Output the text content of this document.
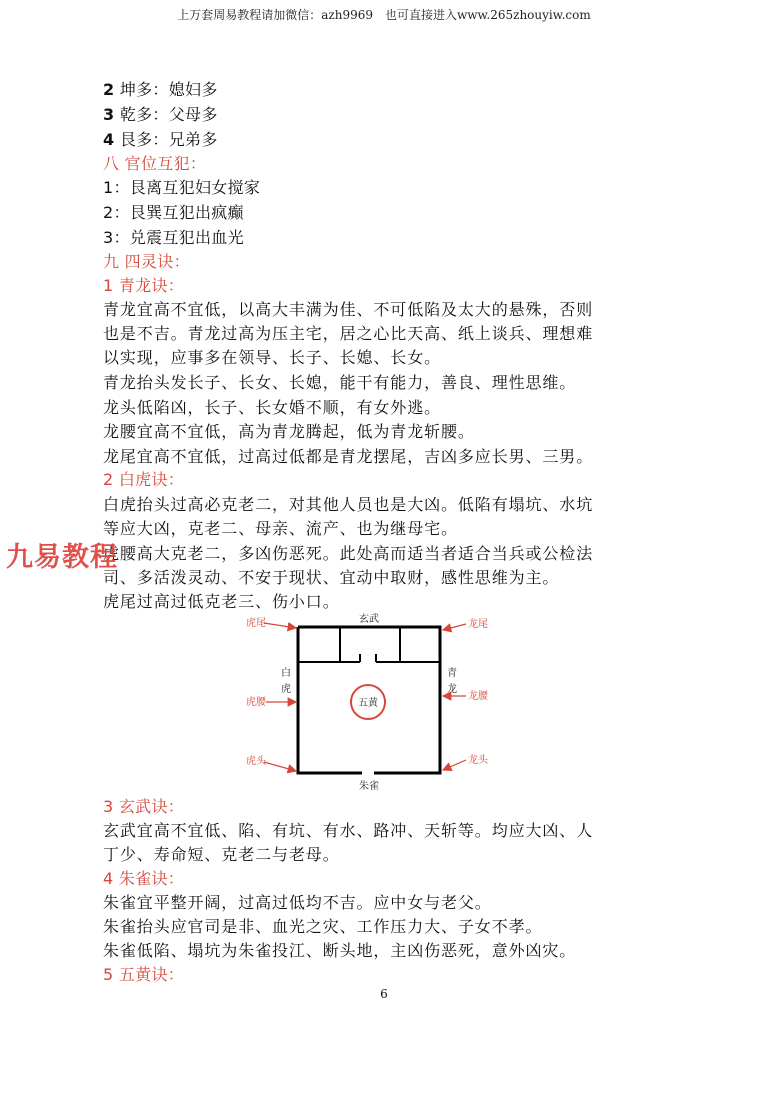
上万套周易教程请加微信：azh9969　也可直接进入www.265zhouyiw.com
2 坤多：媳妇多
3 乾多：父母多
4 艮多：兄弟多
八 官位互犯：
1：艮离互犯妇女搅家
2：艮巽互犯出疯癫
3：兑震互犯出血光
九 四灵诀：
1 青龙诀：
青龙宜高不宜低，以高大丰满为佳、不可低陷及太大的悬殊，否则
也是不吉。青龙过高为压主宅，居之心比天高、纸上谈兵、理想难
以实现，应事多在领导、长子、长媳、长女。
青龙抬头发长子、长女、长媳，能干有能力，善良、理性思维。
龙头低陷凶，长子、长女婚不顺，有女外逃。
龙腰宜高不宜低，高为青龙腾起，低为青龙斩腰。
龙尾宜高不宜低，过高过低都是青龙摆尾，吉凶多应长男、三男。
2 白虎诀：
白虎抬头过高必克老二，对其他人员也是大凶。低陷有塌坑、水坑
等应大凶，克老二、母亲、流产、也为继母宅。
虎腰高大克老二，多凶伤恶死。此处高而适当者适合当兵或公检法
司、多活泼灵动、不安于现状、宜动中取财，感性思维为主。
虎尾过高过低克老三、伤小口。
九易教程
五黄
玄武
朱雀
白
虎
青
龙
虎尾
虎腰
虎头
龙尾
龙腰
龙头
3 玄武诀：
玄武宜高不宜低、陷、有坑、有水、路冲、天斩等。均应大凶、人
丁少、寿命短、克老二与老母。
4 朱雀诀：
朱雀宜平整开阔，过高过低均不吉。应中女与老父。
朱雀抬头应官司是非、血光之灾、工作压力大、子女不孝。
朱雀低陷、塌坑为朱雀投江、断头地，主凶伤恶死，意外凶灾。
5 五黄诀：
6
